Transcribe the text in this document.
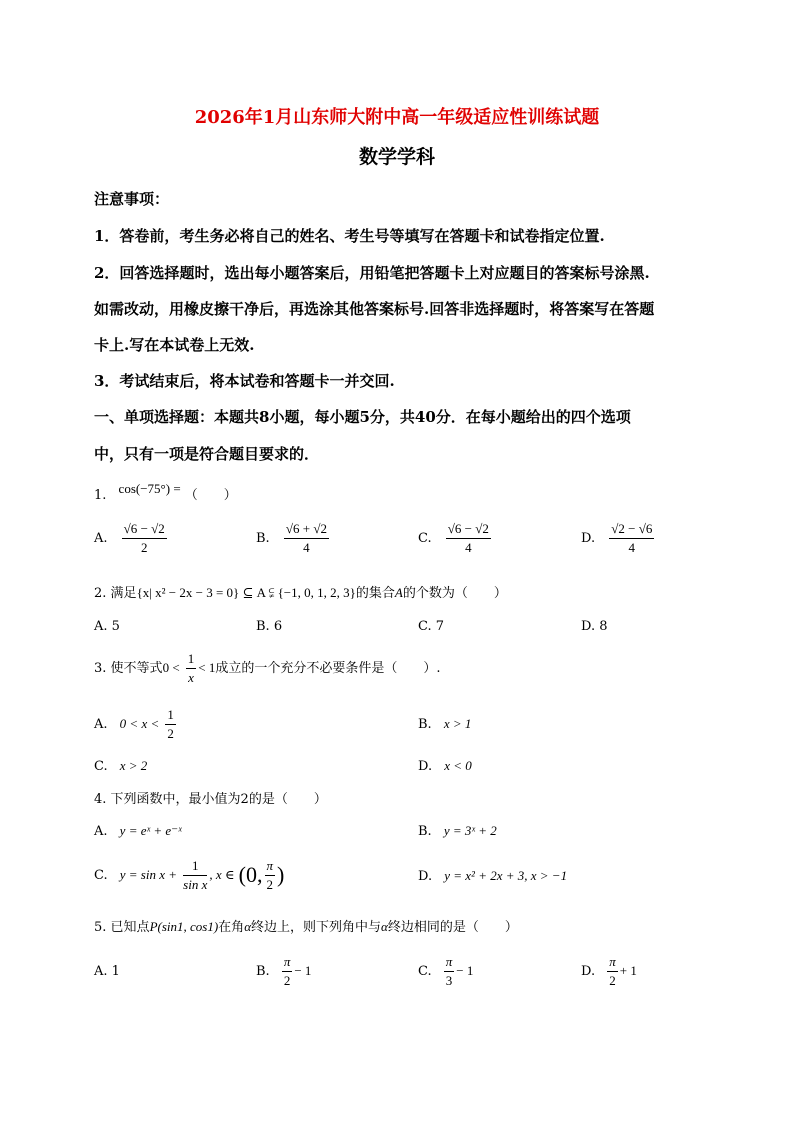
2026年1月山东师大附中高一年级适应性训练试题
数学学科
注意事项：
1．答卷前，考生务必将自己的姓名、考生号等填写在答题卡和试卷指定位置.
2．回答选择题时，选出每小题答案后，用铅笔把答题卡上对应题目的答案标号涂黑.
如需改动，用橡皮擦干净后，再选涂其他答案标号.回答非选择题时，将答案写在答题
卡上.写在本试卷上无效.
3．考试结束后，将本试卷和答题卡一并交回.
一、单项选择题：本题共8小题，每小题5分，共40分．在每小题给出的四个选项
中，只有一项是符合题目要求的．
1. cos(−75°) = （　　）
A. $\frac{√6 - √2}{2}$	B. $\frac{√6 + √2}{4}$	C. $\frac{√6 - √2}{4}$	D. $\frac{√2 - √6}{4}$
2. 满足{x| x² − 2x − 3 = 0} ⊆ A ⫋ {−1, 0, 1, 2, 3}的集合A的个数为（　　）
A. 5	B. 6	C. 7	D. 8
3. 使不等式$0 < \frac{1}{x} < 1$成立的一个充分不必要条件是（　　）.
A. $0 < x < \frac{1}{2}$	B. x > 1
C. x > 2	D. x < 0
4. 下列函数中，最小值为2的是（　　）
A. y = eˣ + e⁻ˣ	B. y = 3ˣ + 2
C. $y = \sin x + \frac{1}{\text{sin x}}$ , x ∈ (0, $\frac{\pi}{2}$ )	D. y = x² + 2x + 3, x > −1
5. 已知点P(sin1, cos1)在角α终边上，则下列角中与α终边相同的是（　　）
A. 1	B. $\frac{\pi}{2} - 1$	C. $\frac{\pi}{3} - 1$	D. $\frac{\pi}{2} + 1$
